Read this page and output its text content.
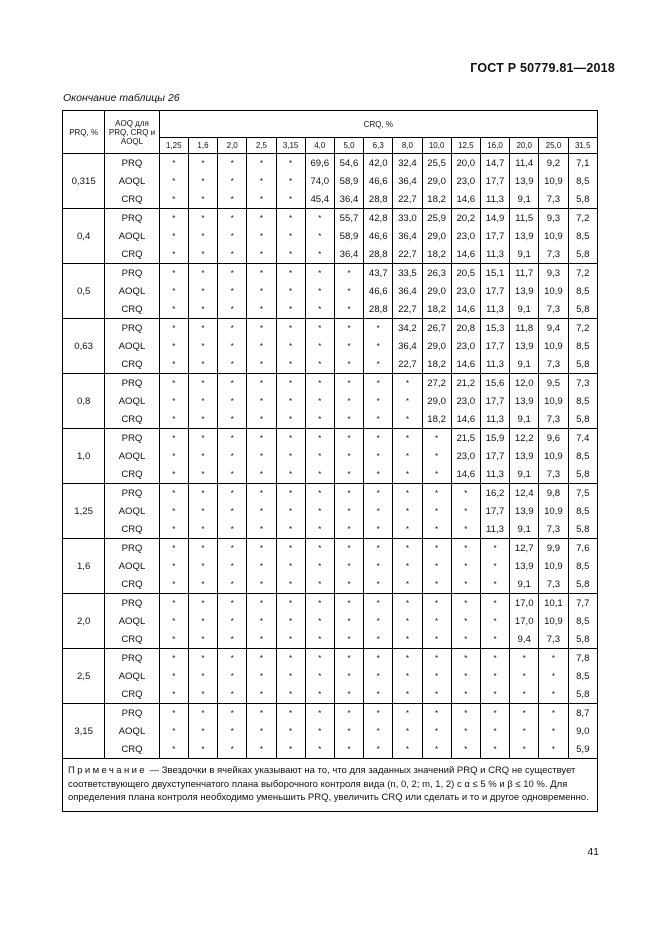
ГОСТ Р 50779.81—2018
Окончание таблицы 26
PRQ, %	AOQ для PRQ, CRQ и AOQL	CRQ, %														
		1,25	1,6	2,0	2,5	3,15	4,0	5,0	6,3	8,0	10,0	12,5	16,0	20,0	25,0	31,5
0,315	PRQ	*	*	*	*	*	69,6	54,6	42,0	32,4	25,5	20,0	14,7	11,4	9,2	7,1
	AOQL	*	*	*	*	*	74,0	58,9	46,6	36,4	29,0	23,0	17,7	13,9	10,9	8,5
	CRQ	*	*	*	*	*	45,4	36,4	28,8	22,7	18,2	14,6	11,3	9,1	7,3	5,8
0,4	PRQ	*	*	*	*	*	*	55,7	42,8	33,0	25,9	20,2	14,9	11,5	9,3	7,2
	AOQL	*	*	*	*	*	*	58,9	46,6	36,4	29,0	23,0	17,7	13,9	10,9	8,5
	CRQ	*	*	*	*	*	*	36,4	28,8	22,7	18,2	14,6	11,3	9,1	7,3	5,8
0,5	PRQ	*	*	*	*	*	*	*	43,7	33,5	26,3	20,5	15,1	11,7	9,3	7,2
	AOQL	*	*	*	*	*	*	*	46,6	36,4	29,0	23,0	17,7	13,9	10,9	8,5
	CRQ	*	*	*	*	*	*	*	28,8	22,7	18,2	14,6	11,3	9,1	7,3	5,8
0,63	PRQ	*	*	*	*	*	*	*	*	34,2	26,7	20,8	15,3	11,8	9,4	7,2
	AOQL	*	*	*	*	*	*	*	*	36,4	29,0	23,0	17,7	13,9	10,9	8,5
	CRQ	*	*	*	*	*	*	*	*	22,7	18,2	14,6	11,3	9,1	7,3	5,8
0,8	PRQ	*	*	*	*	*	*	*	*	*	27,2	21,2	15,6	12,0	9,5	7,3
	AOQL	*	*	*	*	*	*	*	*	*	29,0	23,0	17,7	13,9	10,9	8,5
	CRQ	*	*	*	*	*	*	*	*	*	18,2	14,6	11,3	9,1	7,3	5,8
1,0	PRQ	*	*	*	*	*	*	*	*	*	*	21,5	15,9	12,2	9,6	7,4
	AOQL	*	*	*	*	*	*	*	*	*	*	23,0	17,7	13,9	10,9	8,5
	CRQ	*	*	*	*	*	*	*	*	*	*	14,6	11,3	9,1	7,3	5,8
1,25	PRQ	*	*	*	*	*	*	*	*	*	*	*	16,2	12,4	9,8	7,5
	AOQL	*	*	*	*	*	*	*	*	*	*	*	17,7	13,9	10,9	8,5
	CRQ	*	*	*	*	*	*	*	*	*	*	*	11,3	9,1	7,3	5,8
1,6	PRQ	*	*	*	*	*	*	*	*	*	*	*	*	12,7	9,9	7,6
	AOQL	*	*	*	*	*	*	*	*	*	*	*	*	13,9	10,9	8,5
	CRQ	*	*	*	*	*	*	*	*	*	*	*	*	9,1	7,3	5,8
2,0	PRQ	*	*	*	*	*	*	*	*	*	*	*	*	17,0	10,1	7,7
	AOQL	*	*	*	*	*	*	*	*	*	*	*	*	17,0	10,9	8,5
	CRQ	*	*	*	*	*	*	*	*	*	*	*	*	9,4	7,3	5,8
2,5	PRQ	*	*	*	*	*	*	*	*	*	*	*	*	*	*	7,8
	AOQL	*	*	*	*	*	*	*	*	*	*	*	*	*	*	8,5
	CRQ	*	*	*	*	*	*	*	*	*	*	*	*	*	*	5,8
3,15	PRQ	*	*	*	*	*	*	*	*	*	*	*	*	*	*	8,7
	AOQL	*	*	*	*	*	*	*	*	*	*	*	*	*	*	9,0
	CRQ	*	*	*	*	*	*	*	*	*	*	*	*	*	*	5,9
Примечание — Звездочки в ячейках указывают на то, что для заданных значений PRQ и CRQ не существует соответствующего двухступенчатого плана выборочного контроля вида (n, 0, 2; m, 1, 2) с α ≤ 5 % и β ≤ 10 %. Для определения плана контроля необходимо уменьшить PRQ, увеличить CRQ или сделать и то и другое одновременно.																
41
